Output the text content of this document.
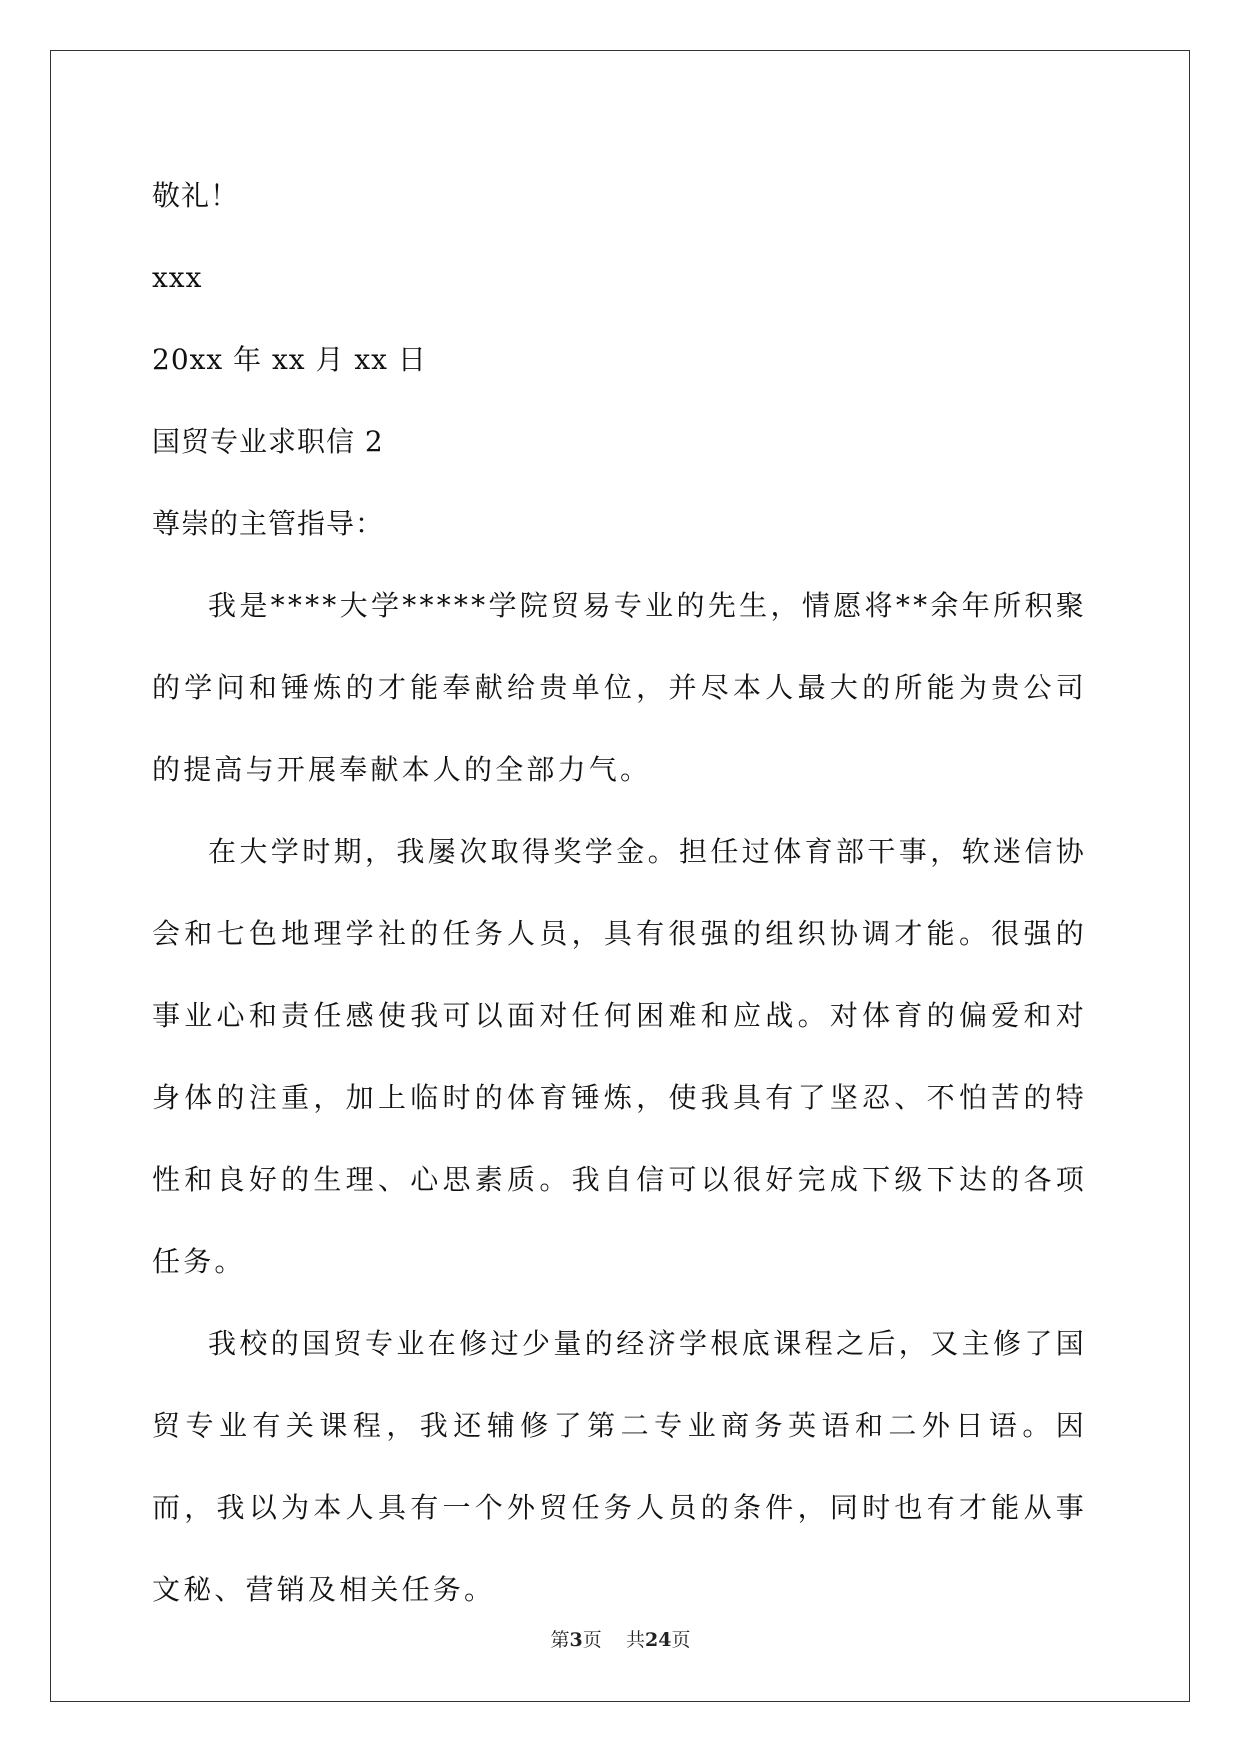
敬礼！

xxx

20xx 年 xx 月 xx 日

国贸专业求职信 2

尊崇的主管指导：

我是****大学*****学院贸易专业的先生，情愿将**余年所积聚的学问和锤炼的才能奉献给贵单位，并尽本人最大的所能为贵公司的提高与开展奉献本人的全部力气。

在大学时期，我屡次取得奖学金。担任过体育部干事，软迷信协会和七色地理学社的任务人员，具有很强的组织协调才能。很强的事业心和责任感使我可以面对任何困难和应战。对体育的偏爱和对身体的注重，加上临时的体育锤炼，使我具有了坚忍、不怕苦的特性和良好的生理、心思素质。我自信可以很好完成下级下达的各项任务。

我校的国贸专业在修过少量的经济学根底课程之后，又主修了国贸专业有关课程，我还辅修了第二专业商务英语和二外日语。因而，我以为本人具有一个外贸任务人员的条件，同时也有才能从事文秘、营销及相关任务。

第3页 共24页
